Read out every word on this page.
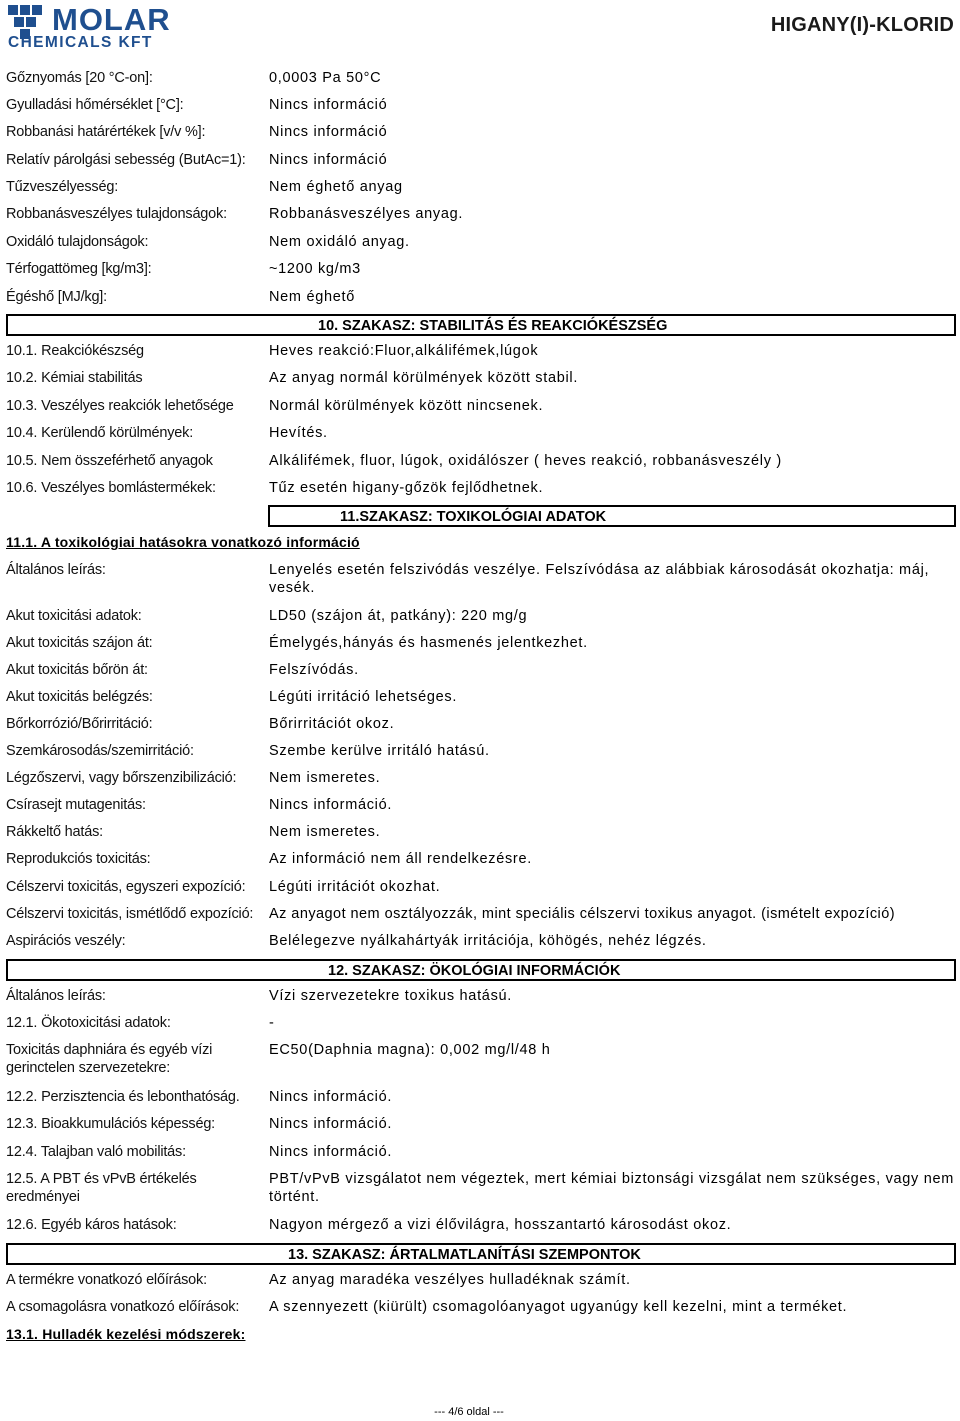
MOLAR
CHEMICALS KFT
HIGANY(I)-KLORID
Gőznyomás [20 °C-on]:	0,0003 Pa 50°C
Gyulladási hőmérséklet [°C]:	Nincs információ
Robbanási határértékek [v/v %]:	Nincs információ
Relatív párolgási sebesség (ButAc=1):	Nincs információ
Tűzveszélyesség:	Nem éghető anyag
Robbanásveszélyes tulajdonságok:	Robbanásveszélyes anyag.
Oxidáló tulajdonságok:	Nem oxidáló anyag.
Térfogattömeg [kg/m3]:	~1200 kg/m3
Égéshő [MJ/kg]:	Nem éghető
10. SZAKASZ: STABILITÁS ÉS REAKCIÓKÉSZSÉG
10.1. Reakciókészség	Heves reakció:Fluor,alkálifémek,lúgok
10.2. Kémiai stabilitás	Az anyag normál körülmények között stabil.
10.3. Veszélyes reakciók lehetősége	Normál körülmények között nincsenek.
10.4. Kerülendő körülmények:	Hevítés.
10.5. Nem összeférhető anyagok	Alkálifémek, fluor, lúgok, oxidálószer ( heves reakció, robbanásveszély )
10.6. Veszélyes bomlástermékek:	Tűz esetén higany-gőzök fejlődhetnek.
11.SZAKASZ: TOXIKOLÓGIAI ADATOK
11.1. A toxikológiai hatásokra vonatkozó információ
Általános leírás:	Lenyelés esetén felszivódás veszélye. Felszívódása az alábbiak károsodását okozhatja: máj, vesék.
Akut toxicitási adatok:	LD50 (szájon át, patkány): 220 mg/g
Akut toxicitás szájon át:	Émelygés,hányás és hasmenés jelentkezhet.
Akut toxicitás bőrön át:	Felszívódás.
Akut toxicitás belégzés:	Légúti irritáció lehetséges.
Bőrkorrózió/Bőrirritáció:	Bőrirritációt okoz.
Szemkárosodás/szemirritáció:	Szembe kerülve irritáló hatású.
Légzőszervi, vagy bőrszenzibilizáció:	Nem ismeretes.
Csírasejt mutagenitás:	Nincs információ.
Rákkeltő hatás:	Nem ismeretes.
Reprodukciós toxicitás:	Az információ nem áll rendelkezésre.
Célszervi toxicitás, egyszeri expozíció:	Légúti irritációt okozhat.
Célszervi toxicitás, ismétlődő expozíció:	Az anyagot nem osztályozzák, mint speciális célszervi toxikus anyagot. (ismételt expozíció)
Aspirációs veszély:	Belélegezve nyálkahártyák irritációja, köhögés, nehéz légzés.
12. SZAKASZ: ÖKOLÓGIAI INFORMÁCIÓK
Általános leírás:	Vízi szervezetekre toxikus hatású.
12.1. Ökotoxicitási adatok:	-
Toxicitás daphniára és egyéb vízi gerinctelen szervezetekre:
EC50(Daphnia magna): 0,002 mg/l/48 h
12.2. Perzisztencia és lebonthatóság.	Nincs információ.
12.3. Bioakkumulációs képesség:	Nincs információ.
12.4. Talajban való mobilitás:	Nincs információ.
12.5. A PBT és vPvB értékelés eredményei
PBT/vPvB vizsgálatot nem végeztek, mert kémiai biztonsági vizsgálat nem szükséges, vagy nem történt.
12.6. Egyéb káros hatások:	Nagyon mérgező a vizi élővilágra, hosszantartó károsodást okoz.
13. SZAKASZ: ÁRTALMATLANÍTÁSI SZEMPONTOK
A termékre vonatkozó előírások:	Az anyag maradéka veszélyes hulladéknak számít.
A csomagolásra vonatkozó előírások:	A szennyezett (kiürült) csomagolóanyagot ugyanúgy kell kezelni, mint a terméket.
13.1. Hulladék kezelési módszerek:
--- 4/6 oldal ---
